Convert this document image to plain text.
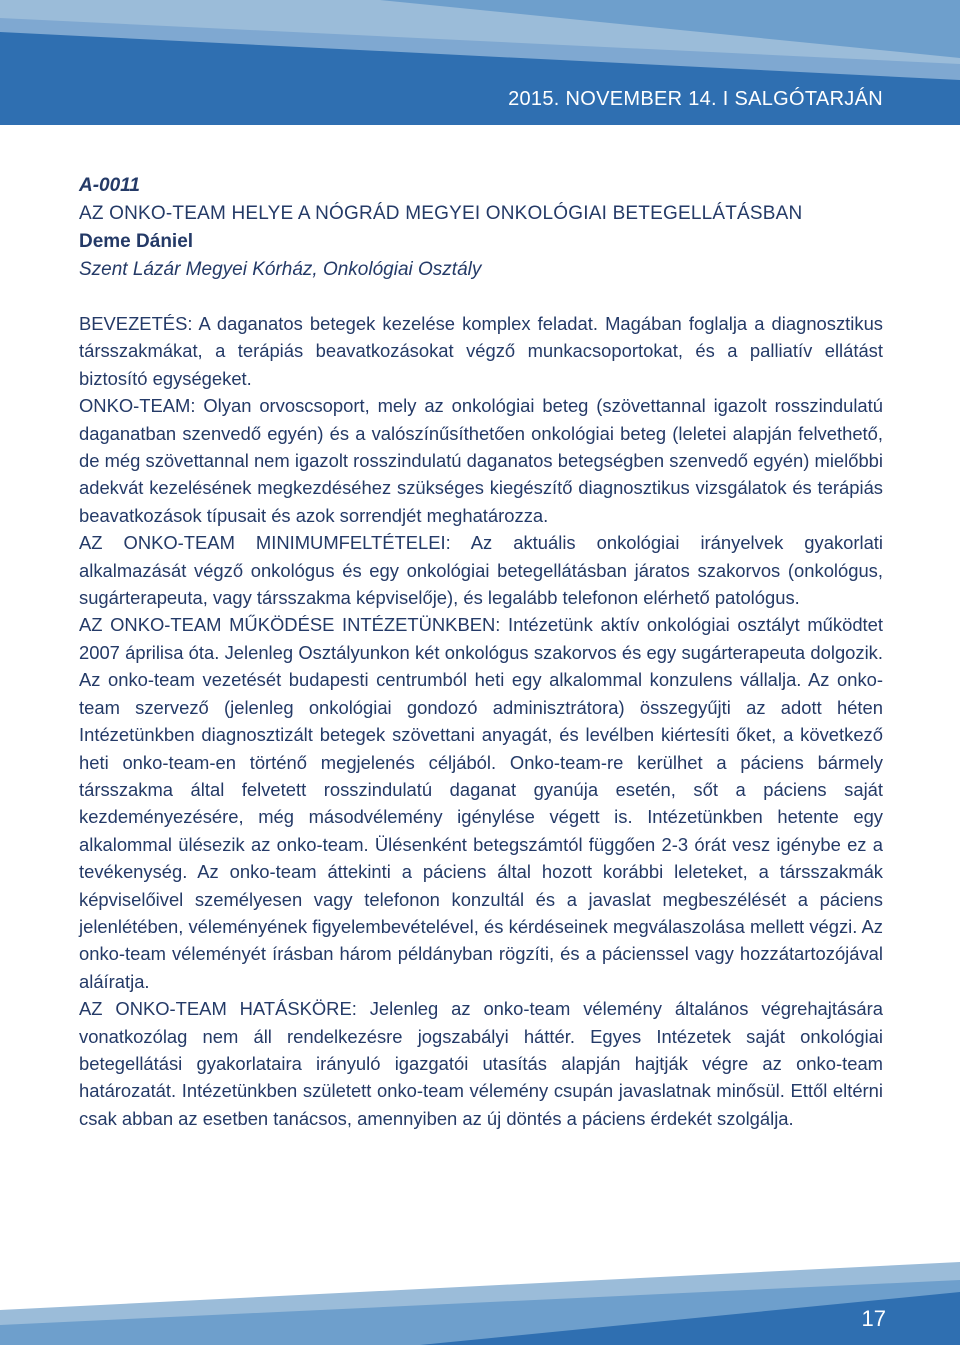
2015. NOVEMBER 14. I SALGÓTARJÁN

A-0011

AZ ONKO-TEAM HELYE A NÓGRÁD MEGYEI ONKOLÓGIAI BETEGELLÁTÁSBAN

Deme Dániel

Szent Lázár Megyei Kórház, Onkológiai Osztály

BEVEZETÉS: A daganatos betegek kezelése komplex feladat. Magában foglalja a diagnosztikus társszakmákat, a terápiás beavatkozásokat végző munkacsoportokat, és a palliatív ellátást biztosító egységeket.

ONKO-TEAM: Olyan orvoscsoport, mely az onkológiai beteg (szövettannal igazolt rosszindulatú daganatban szenvedő egyén) és a valószínűsíthetően onkológiai beteg (leletei alapján felvethető, de még szövettannal nem igazolt rosszindulatú daganatos betegségben szenvedő egyén) mielőbbi adekvát kezelésének megkezdéséhez szükséges kiegészítő diagnosztikus vizsgálatok és terápiás beavatkozások típusait és azok sorrendjét meghatározza.

AZ ONKO-TEAM MINIMUMFELTÉTELEI: Az aktuális onkológiai irányelvek gyakorlati alkalmazását végző onkológus és egy onkológiai betegellátásban járatos szakorvos (onkológus, sugárterapeuta, vagy társszakma képviselője), és legalább telefonon elérhető patológus.

AZ ONKO-TEAM MŰKÖDÉSE INTÉZETÜNKBEN: Intézetünk aktív onkológiai osztályt működtet 2007 áprilisa óta. Jelenleg Osztályunkon két onkológus szakorvos és egy sugárterapeuta dolgozik. Az onko-team vezetését budapesti centrumból heti egy alkalommal konzulens vállalja. Az onko-team szervező (jelenleg onkológiai gondozó adminisztrátora) összegyűjti az adott héten Intézetünkben diagnosztizált betegek szövettani anyagát, és levélben kiértesíti őket, a következő heti onko-team-en történő megjelenés céljából. Onko-team-re kerülhet a páciens bármely társszakma által felvetett rosszindulatú daganat gyanúja esetén, sőt a páciens saját kezdeményezésére, még másodvélemény igénylése végett is. Intézetünkben hetente egy alkalommal ülésezik az onko-team. Ülésenként betegszámtól függően 2-3 órát vesz igénybe ez a tevékenység. Az onko-team áttekinti a páciens által hozott korábbi leleteket, a társszakmák képviselőivel személyesen vagy telefonon konzultál és a javaslat megbeszélését a páciens jelenlétében, véleményének figyelembevételével, és kérdéseinek megválaszolása mellett végzi. Az onko-team véleményét írásban három példányban rögzíti, és a pácienssel vagy hozzátartozójával aláíratja.

AZ ONKO-TEAM HATÁSKÖRE: Jelenleg az onko-team vélemény általános végrehajtására vonatkozólag nem áll rendelkezésre jogszabályi háttér. Egyes Intézetek saját onkológiai betegellátási gyakorlataira irányuló igazgatói utasítás alapján hajtják végre az onko-team határozatát. Intézetünkben született onko-team vélemény csupán javaslatnak minősül. Ettől eltérni csak abban az esetben tanácsos, amennyiben az új döntés a páciens érdekét szolgálja.

17
